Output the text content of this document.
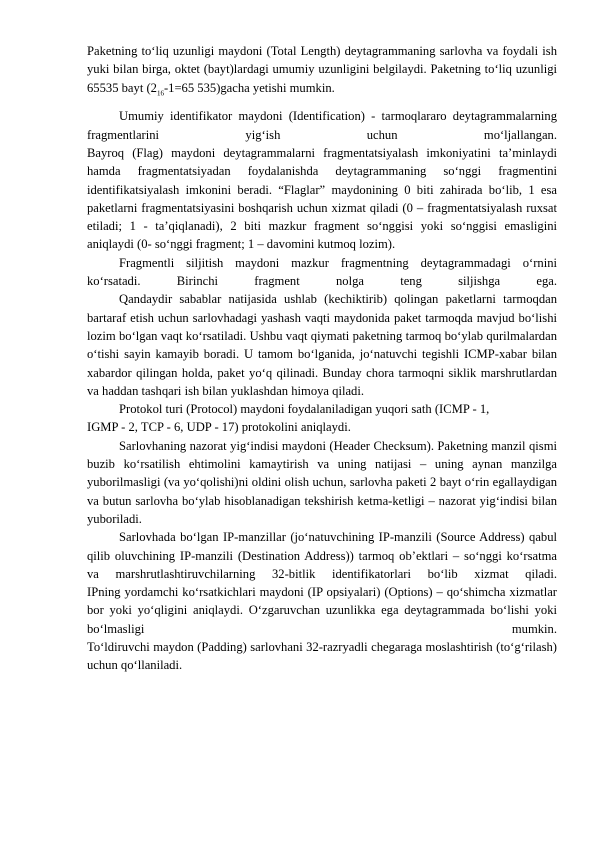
Paketning to‘liq uzunligi maydoni (Total Length) deytagrammaning sarlovha va foydali ish yuki bilan birga, oktet (bayt)lardagi umumiy uzunligini belgilaydi. Paketning to‘liq uzunligi 65535 bayt ($2_{16}-1=65$ 535)gacha yetishi mumkin.

Umumiy identifikator maydoni (Identification) - tarmoqlararo deytagrammalarning fragmentlarini yig‘ish uchun mo‘ljallangan.

Bayroq (Flag) maydoni deytagrammalarni fragmentatsiyalash imkoniyatini ta’minlaydi hamda fragmentatsiyadan foydalanishda deytagrammaning so‘nggi fragmentini identifikatsiyalash imkonini beradi. “Flaglar” maydonining 0 biti zahirada bo‘lib, 1 esa paketlarni fragmentatsiyasini boshqarish uchun xizmat qiladi (0 – fragmentatsiyalash ruxsat etiladi; 1 - ta’qiqlanadi), 2 biti mazkur fragment so‘nggisi yoki so‘nggisi emasligini aniqlaydi (0- so‘nggi fragment; 1 – davomini kutmoq lozim).

Fragmentli siljitish maydoni mazkur fragmentning deytagrammadagi o‘rnini ko‘rsatadi. Birinchi fragment nolga teng siljishga ega.

Qandaydir sabablar natijasida ushlab (kechiktirib) qolingan paketlarni tarmoqdan bartaraf etish uchun sarlovhadagi yashash vaqti maydonida paket tarmoqda mavjud bo‘lishi lozim bo‘lgan vaqt ko‘rsatiladi. Ushbu vaqt qiymati paketning tarmoq bo‘ylab qurilmalardan o‘tishi sayin kamayib boradi. U tamom bo‘lganida, jo‘natuvchi tegishli ICMP-xabar bilan xabardor qilingan holda, paket yo‘q qilinadi. Bunday chora tarmoqni siklik marshrutlardan va haddan tashqari ish bilan yuklashdan himoya qiladi.

Protokol turi (Protocol) maydoni foydalaniladigan yuqori sath (ICMP - 1,

IGMP - 2, TCP - 6, UDP - 17) protokolini aniqlaydi.

Sarlovhaning nazorat yig‘indisi maydoni (Header Checksum). Paketning manzil qismi buzib ko‘rsatilish ehtimolini kamaytirish va uning natijasi – uning aynan manzilga yuborilmasligi (va yo‘qolishi)ni oldini olish uchun, sarlovha paketi 2 bayt o‘rin egallaydigan va butun sarlovha bo‘ylab hisoblanadigan tekshirish ketma-ketligi – nazorat yig‘indisi bilan yuboriladi.

Sarlovhada bo‘lgan IP-manzillar (jo‘natuvchining IP-manzili (Source Address) qabul qilib oluvchining IP-manzili (Destination Address)) tarmoq ob’ektlari – so‘nggi ko‘rsatma va marshrutlashtiruvchilarning 32-bitlik identifikatorlari bo‘lib xizmat qiladi.

IPning yordamchi ko‘rsatkichlari maydoni (IP opsiyalari) (Options) – qo‘shimcha xizmatlar bor yoki yo‘qligini aniqlaydi. O‘zgaruvchan uzunlikka ega deytagrammada bo‘lishi yoki bo‘lmasligi mumkin.

To‘ldiruvchi maydon (Padding) sarlovhani 32-razryadli chegaraga moslashtirish (to‘g‘rilash) uchun qo‘llaniladi.
